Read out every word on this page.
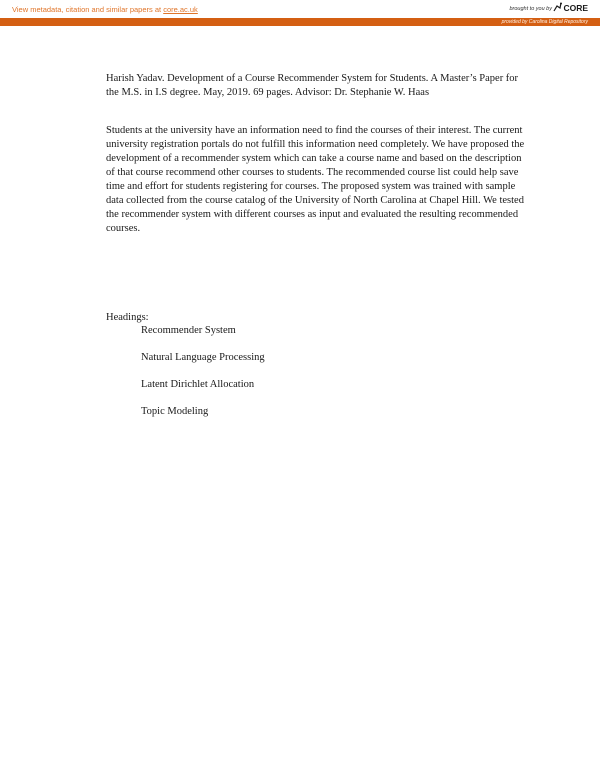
View metadata, citation and similar papers at core.ac.uk	brought to you by CORE
provided by Carolina Digital Repository
Harish Yadav. Development of a Course Recommender System for Students. A Master’s Paper for the M.S. in I.S degree. May, 2019. 69 pages. Advisor: Dr. Stephanie W. Haas
Students at the university have an information need to find the courses of their interest. The current university registration portals do not fulfill this information need completely. We have proposed the development of a recommender system which can take a course name and based on the description of that course recommend other courses to students. The recommended course list could help save time and effort for students registering for courses. The proposed system was trained with sample data collected from the course catalog of the University of North Carolina at Chapel Hill. We tested the recommender system with different courses as input and evaluated the resulting recommended courses.
Headings:
Recommender System
Natural Language Processing
Latent Dirichlet Allocation
Topic Modeling
